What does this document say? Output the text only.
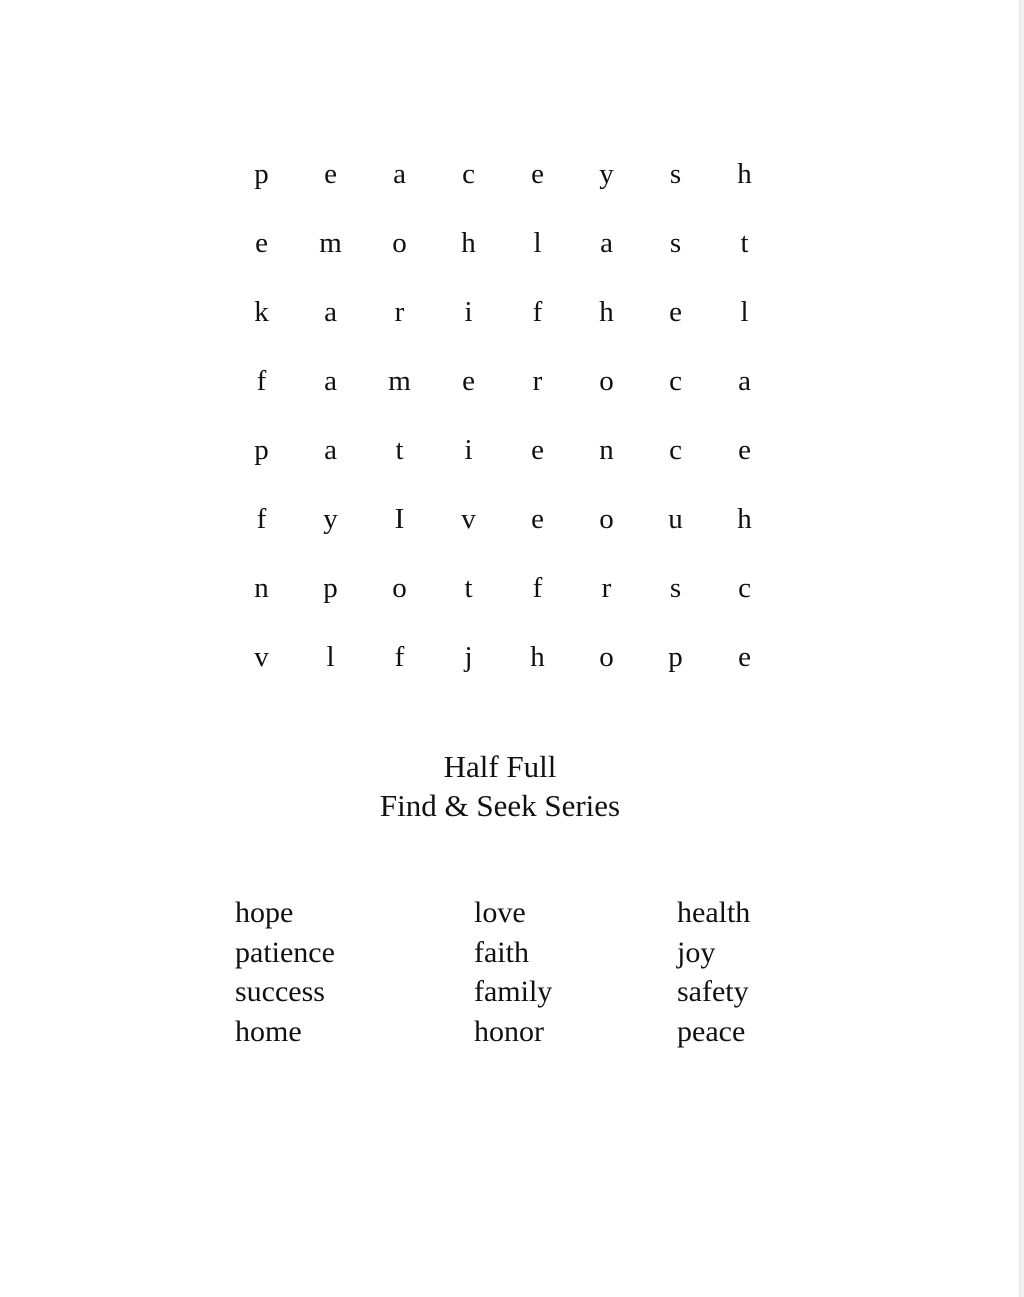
p	e	a	c	e	y	s	h
e	m	o	h	l	a	s	t
k	a	r	i	f	h	e	l
f	a	m	e	r	o	c	a
p	a	t	i	e	n	c	e
f	y	I	v	e	o	u	h
n	p	o	t	f	r	s	c
v	l	f	j	h	o	p	e
Half Full
Find & Seek Series
hope
patience
success
home
love
faith
family
honor
health
joy
safety
peace
